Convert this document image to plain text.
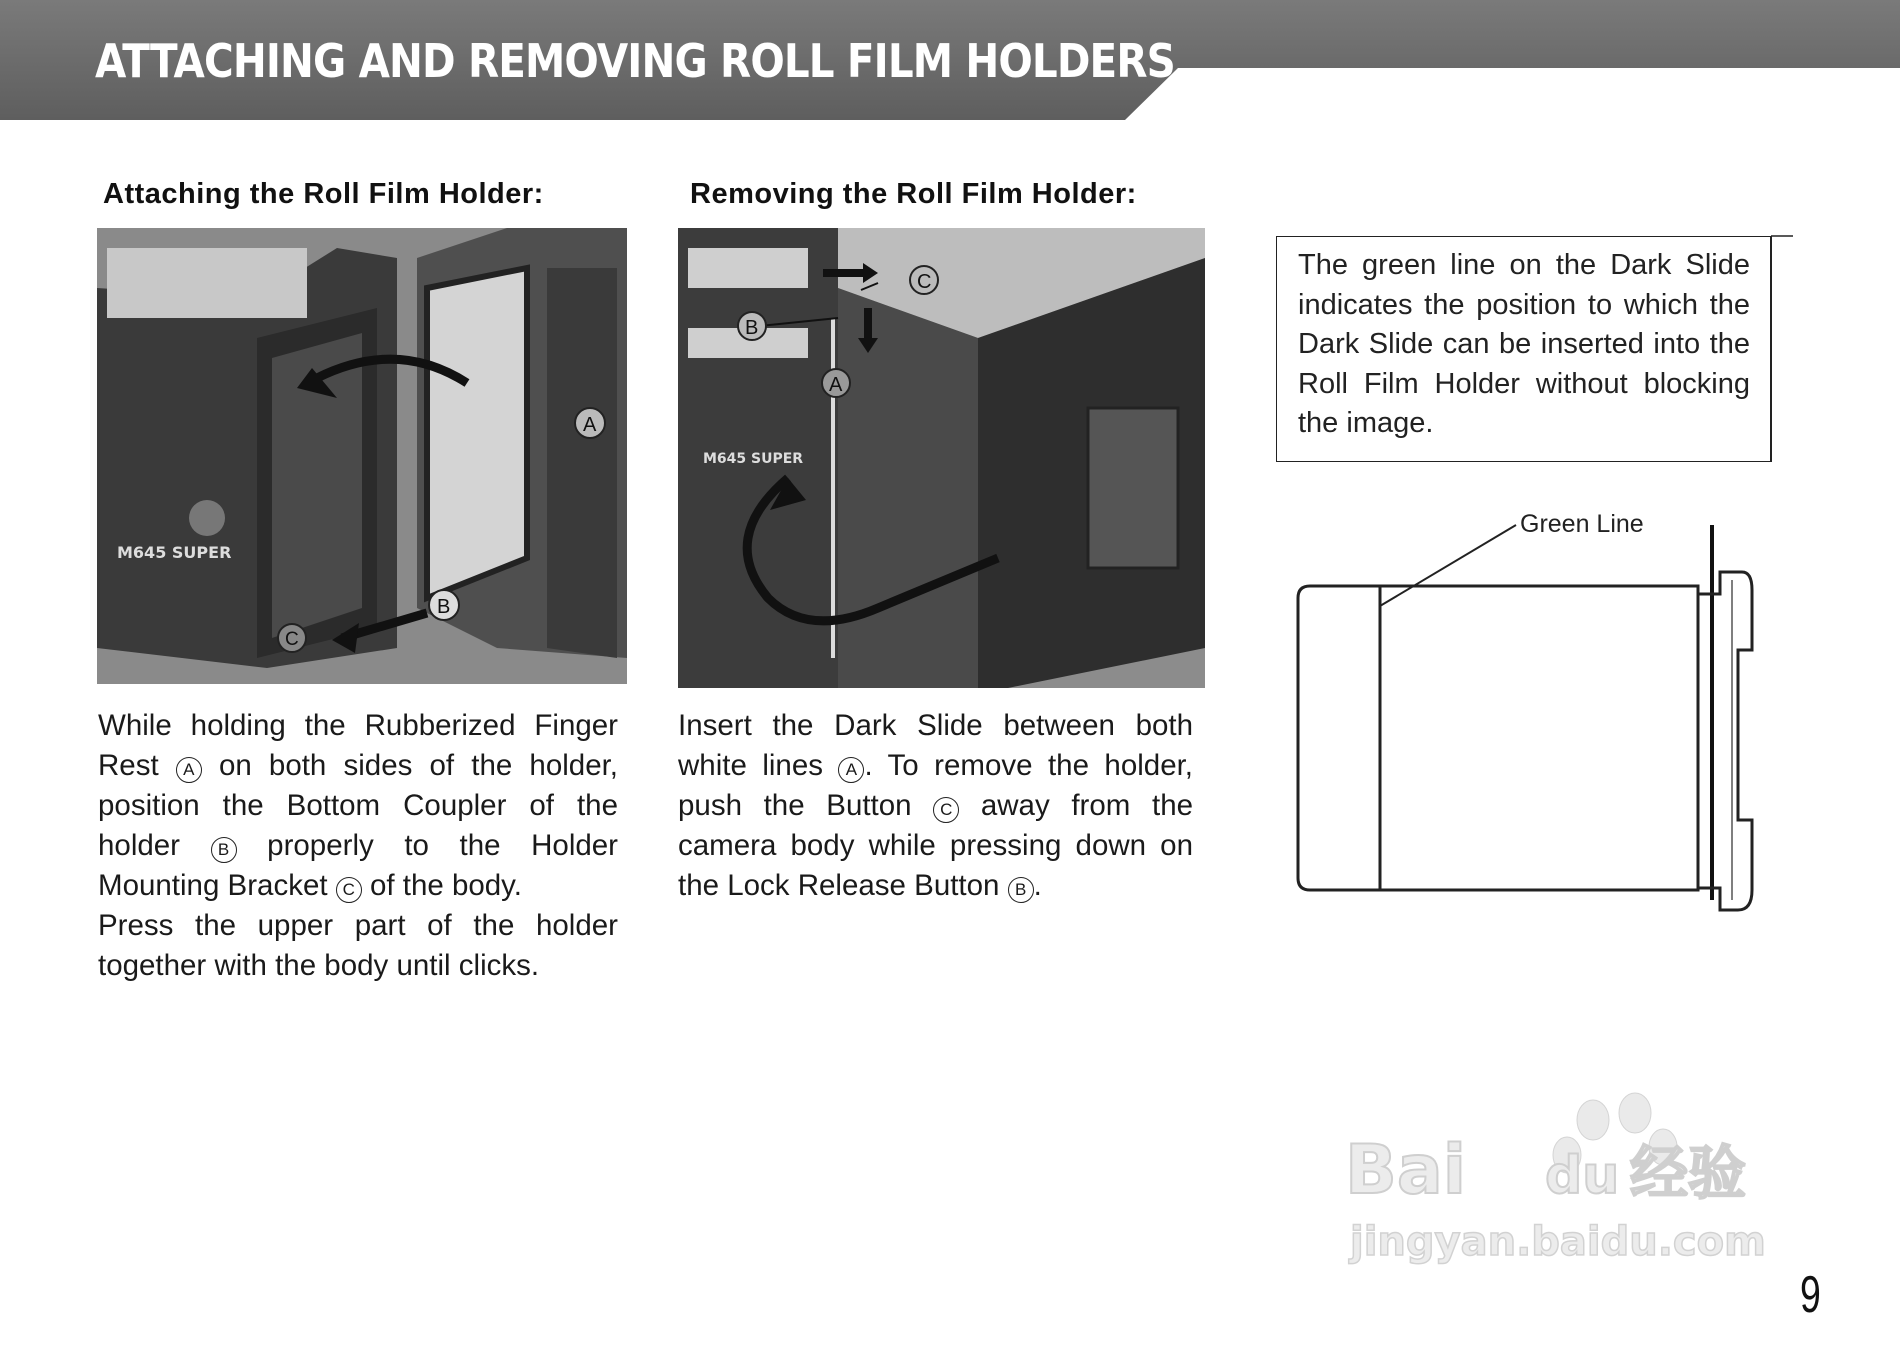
ATTACHING AND REMOVING ROLL FILM HOLDERS
Attaching the Roll Film Holder:	Removing the Roll Film Holder:
M645 SUPER
A
B
C
M645 SUPER
B
C
A

While holding the Rubberized Finger Rest A on both sides of the holder, position the Bottom Coupler of the holder B properly to the Holder Mounting Bracket C of the body.

Press the upper part of the holder together with the body until clicks.

Insert the Dark Slide between both white lines A . To remove the holder, push the Button C away from the camera body while pressing down on the Lock Release Button B .

The green line on the Dark Slide indicates the position to which the Dark Slide can be inserted into the Roll Film Holder without blocking the image.
Green Line
Bai du 经验
jingyan.baidu.com
9
